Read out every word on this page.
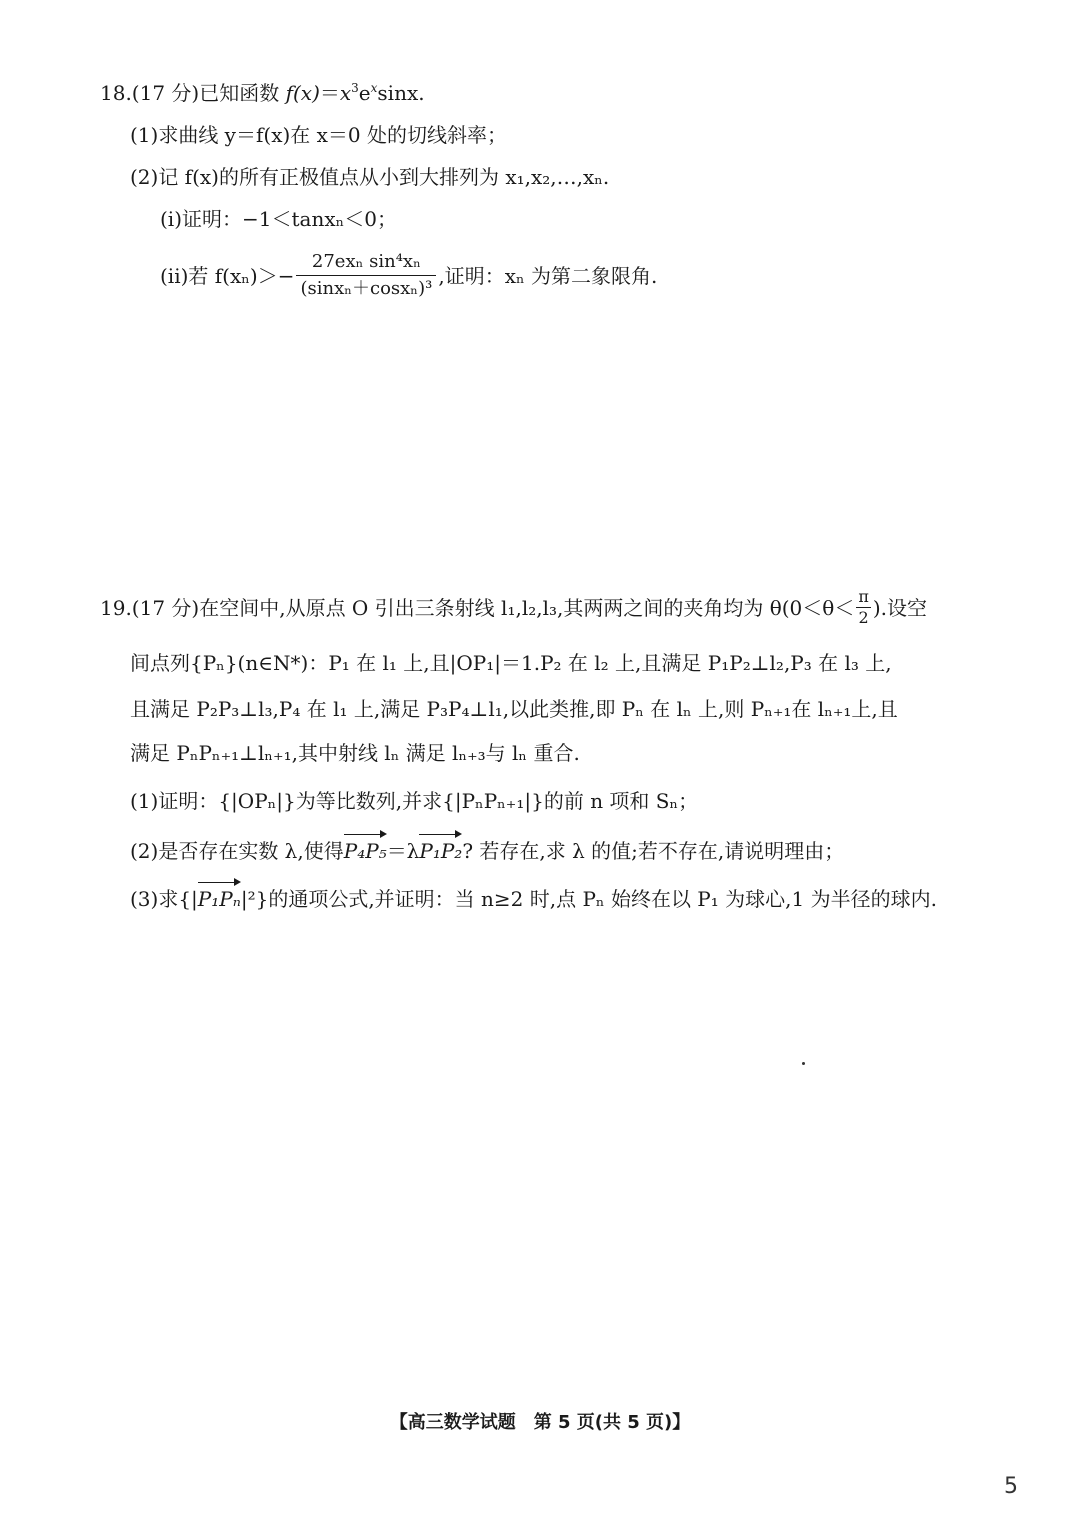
18.(17 分)已知函数 $f(x)=x^3e^x\sin x$.
(1)求曲线 y＝f(x)在 x＝0 处的切线斜率；
(2)记 f(x)的所有正极值点从小到大排列为 x₁,x₂,…,xₙ.
(i)证明：−1＜tanxₙ＜0；
(ii)若 $f(x_n)>- \frac{\text{27exₙ sin⁴xₙ}}{\text{(sinxₙ＋cosxₙ)³}}$ ,证明：xₙ 为第二象限角.
19.(17 分)在空间中,从原点 O 引出三条射线 l₁,l₂,l₃,其两两之间的夹角均为 $\theta(0<\theta< \frac{\pi}{2}$ ).设空
间点列{Pₙ}(n∈N*)：P₁ 在 l₁ 上,且|OP₁|＝1.P₂ 在 l₂ 上,且满足 P₁P₂⊥l₂,P₃ 在 l₃ 上,
且满足 P₂P₃⊥l₃,P₄ 在 l₁ 上,满足 P₃P₄⊥l₁,以此类推,即 Pₙ 在 lₙ 上,则 Pₙ₊₁在 lₙ₊₁上,且
满足 PₙPₙ₊₁⊥lₙ₊₁,其中射线 lₙ 满足 lₙ₊₃与 lₙ 重合.
(1)证明：{|OPₙ|}为等比数列,并求{|PₙPₙ₊₁|}的前 n 项和 Sₙ；
(2)是否存在实数 λ,使得P₄P₅＝λP₁P₂? 若存在,求 λ 的值;若不存在,请说明理由；
(3)求{|P₁Pₙ|²}的通项公式,并证明：当 n≥2 时,点 Pₙ 始终在以 P₁ 为球心,1 为半径的球内.
【高三数学试题　第 5 页(共 5 页)】
5
